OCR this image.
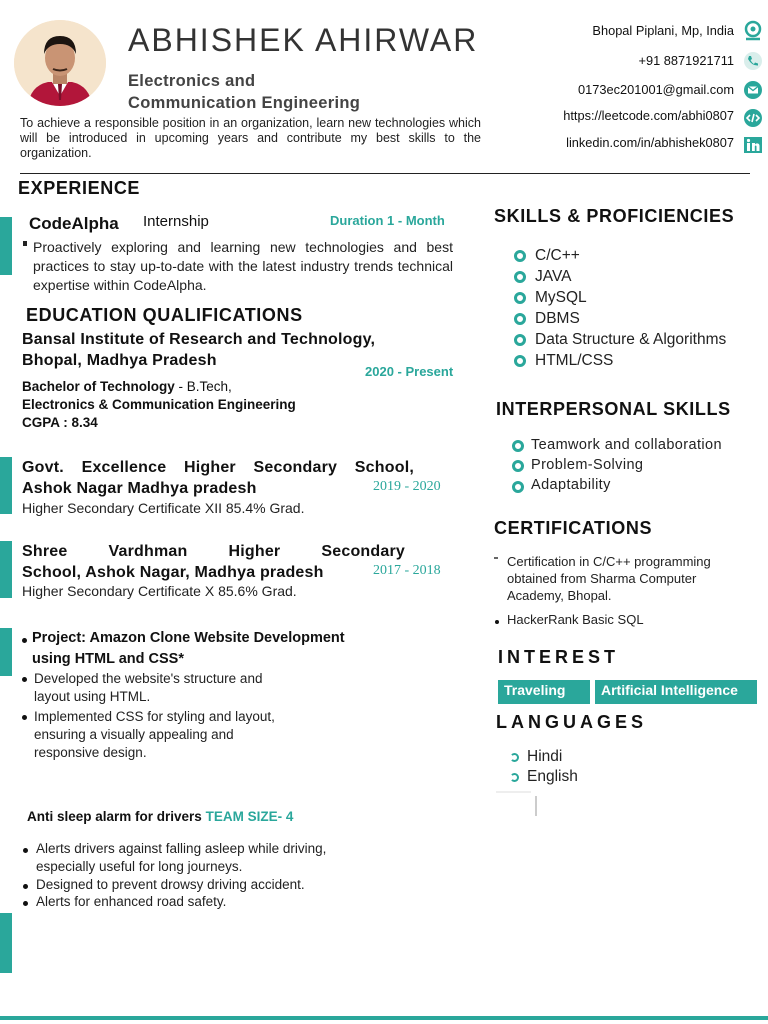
ABHISHEK AHIRWAR
Electronics and
Communication Engineering
To achieve a responsible position in an organization, learn new technologies which will be introduced in upcoming years and contribute my best skills to the organization.
Bhopal Piplani, Mp, India
+91 8871921711
0173ec201001@gmail.com
https://leetcode.com/abhi0807
linkedin.com/in/abhishek0807
EXPERIENCE
CodeAlpha Internship	Duration 1 - Month
Proactively exploring and learning new technologies and best practices to stay up-to-date with the latest industry trends technical expertise within CodeAlpha.
EDUCATION QUALIFICATIONS
Bansal Institute of Research and Technology,
Bhopal, Madhya Pradesh
2020 - Present
Bachelor of Technology - B.Tech,
Electronics & Communication Engineering
CGPA : 8.34
Govt. Excellence Higher Secondary School,
Ashok Nagar Madhya pradesh	2019 - 2020
Higher Secondary Certificate XII 85.4% Grad.
Shree Vardhman Higher Secondary
School, Ashok Nagar, Madhya pradesh	2017 - 2018
Higher Secondary Certificate X 85.6% Grad.
Project: Amazon Clone Website Development
using HTML and CSS*
Developed the website's structure and
layout using HTML.
Implemented CSS for styling and layout,
ensuring a visually appealing and
responsive design.
Anti sleep alarm for drivers TEAM SIZE- 4
Alerts drivers against falling asleep while driving,
especially useful for long journeys.
Designed to prevent drowsy driving accident.
Alerts for enhanced road safety.
SKILLS & PROFICIENCIES
C/C++
JAVA
MySQL
DBMS
Data Structure & Algorithms
HTML/CSS
INTERPERSONAL SKILLS
Teamwork and collaboration
Problem-Solving
Adaptability
CERTIFICATIONS
Certification in C/C++ programming
obtained from Sharma Computer
Academy, Bhopal.
HackerRank Basic SQL
INTEREST
Traveling	Artificial Intelligence
LANGUAGES
Hindi
English
